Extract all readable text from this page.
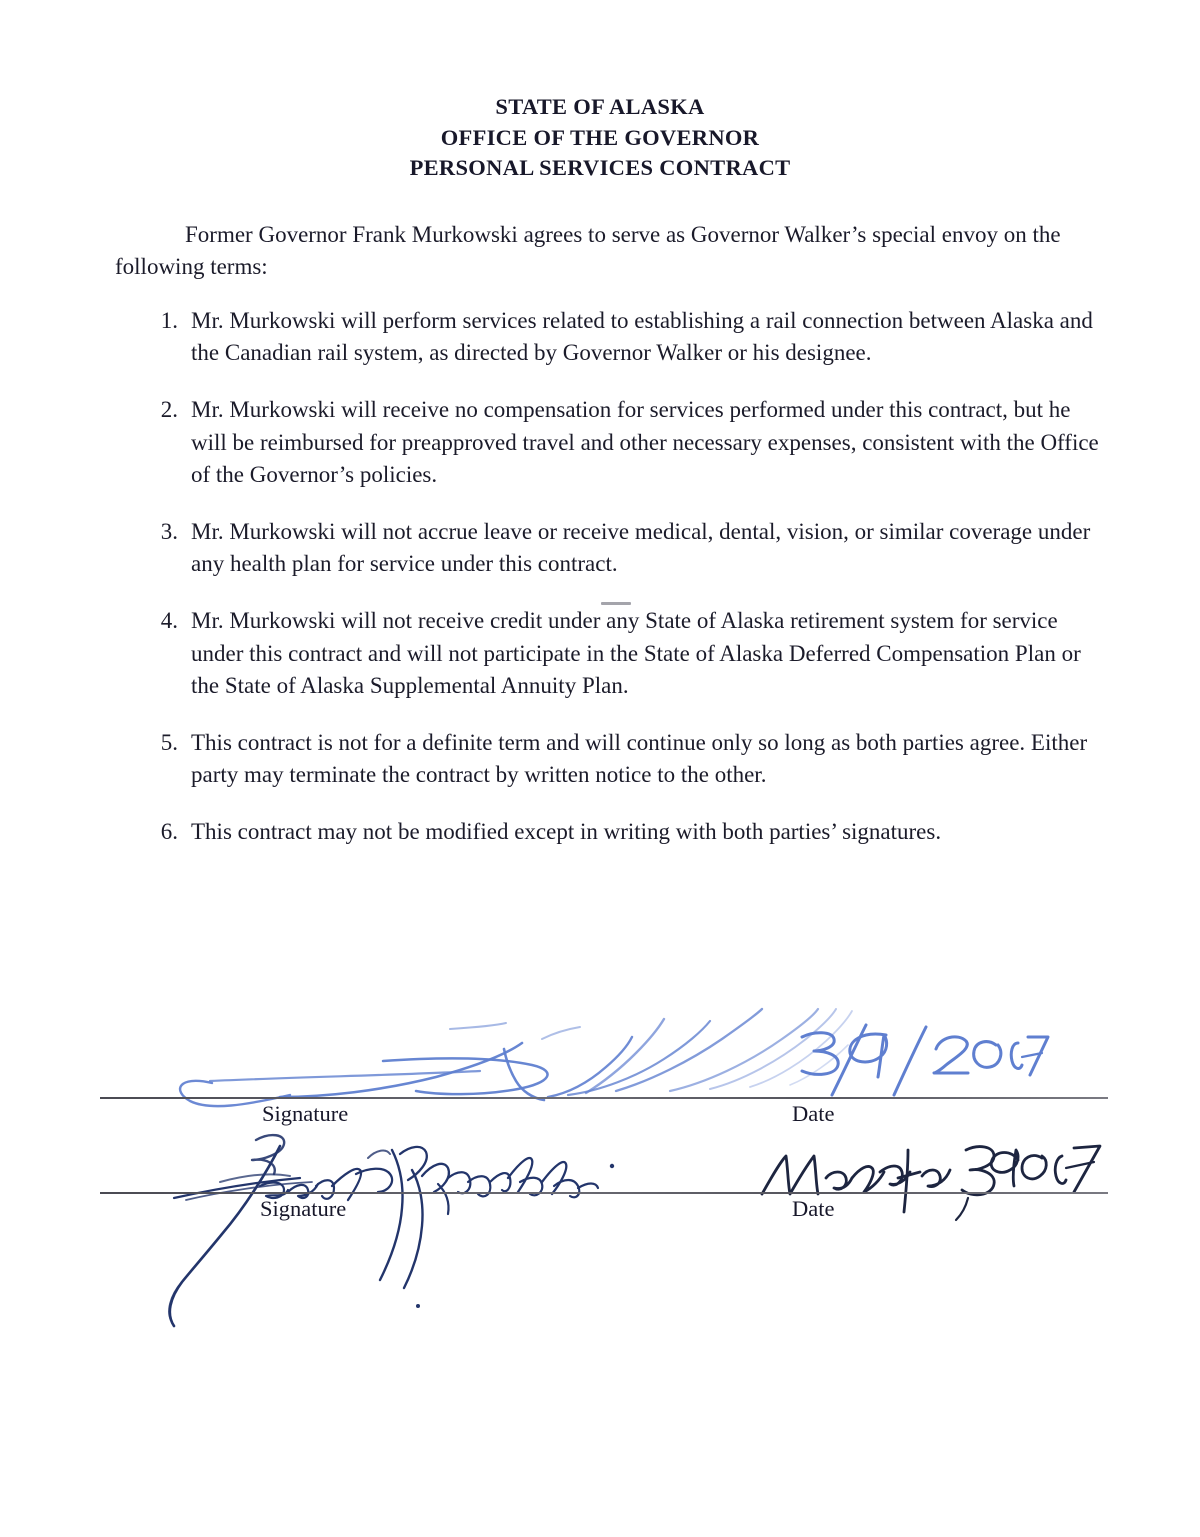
STATE OF ALASKA
OFFICE OF THE GOVERNOR
PERSONAL SERVICES CONTRACT
Former Governor Frank Murkowski agrees to serve as Governor Walker’s special envoy on the following terms:
1. Mr. Murkowski will perform services related to establishing a rail connection between Alaska and the Canadian rail system, as directed by Governor Walker or his designee.
2. Mr. Murkowski will receive no compensation for services performed under this contract, but he will be reimbursed for preapproved travel and other necessary expenses, consistent with the Office of the Governor’s policies.
3. Mr. Murkowski will not accrue leave or receive medical, dental, vision, or similar coverage under any health plan for service under this contract.
4. Mr. Murkowski will not receive credit under any State of Alaska retirement system for service under this contract and will not participate in the State of Alaska Deferred Compensation Plan or the State of Alaska Supplemental Annuity Plan.
5. This contract is not for a definite term and will continue only so long as both parties agree. Either party may terminate the contract by written notice to the other.
6. This contract may not be modified except in writing with both parties’ signatures.
Signature	Date
Signature	Date
